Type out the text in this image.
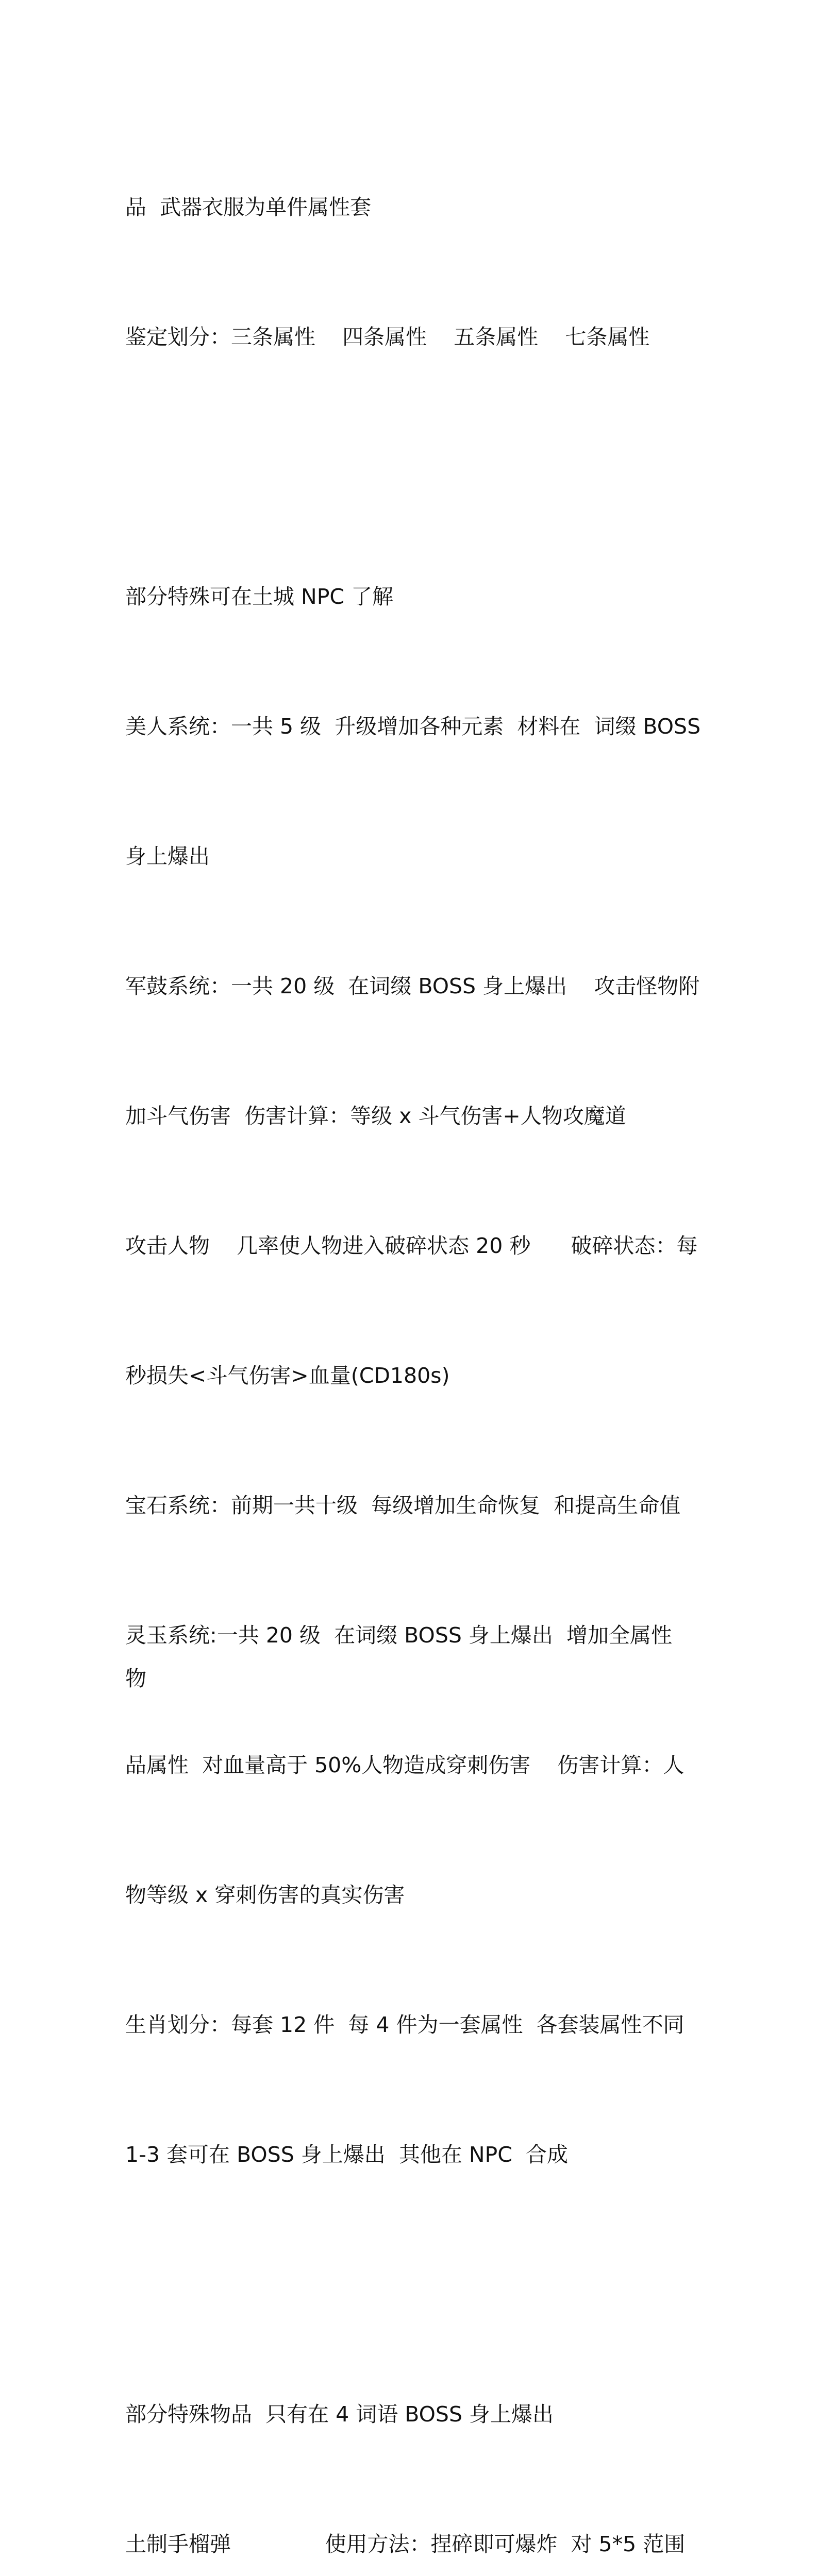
品  武器衣服为单件属性套

鉴定划分：三条属性    四条属性    五条属性    七条属性

部分特殊可在土城 NPC 了解

美人系统：一共 5 级  升级增加各种元素  材料在  词缀 BOSS

身上爆出

军鼓系统：一共 20 级  在词缀 BOSS 身上爆出    攻击怪物附

加斗气伤害  伤害计算：等级 x 斗气伤害+人物攻魔道

攻击人物    几率使人物进入破碎状态 20 秒      破碎状态：每

秒损失<斗气伤害>血量(CD180s)

宝石系统：前期一共十级  每级增加生命恢复  和提高生命值

灵玉系统:一共 20 级  在词缀 BOSS 身上爆出  增加全属性  物

品属性  对血量高于 50%人物造成穿刺伤害    伤害计算：人

物等级 x 穿刺伤害的真实伤害

生肖划分：每套 12 件  每 4 件为一套属性  各套装属性不同

1-3 套可在 BOSS 身上爆出  其他在 NPC  合成

部分特殊物品  只有在 4 词语 BOSS 身上爆出

土制手榴弹              使用方法：捏碎即可爆炸  对 5*5 范围
